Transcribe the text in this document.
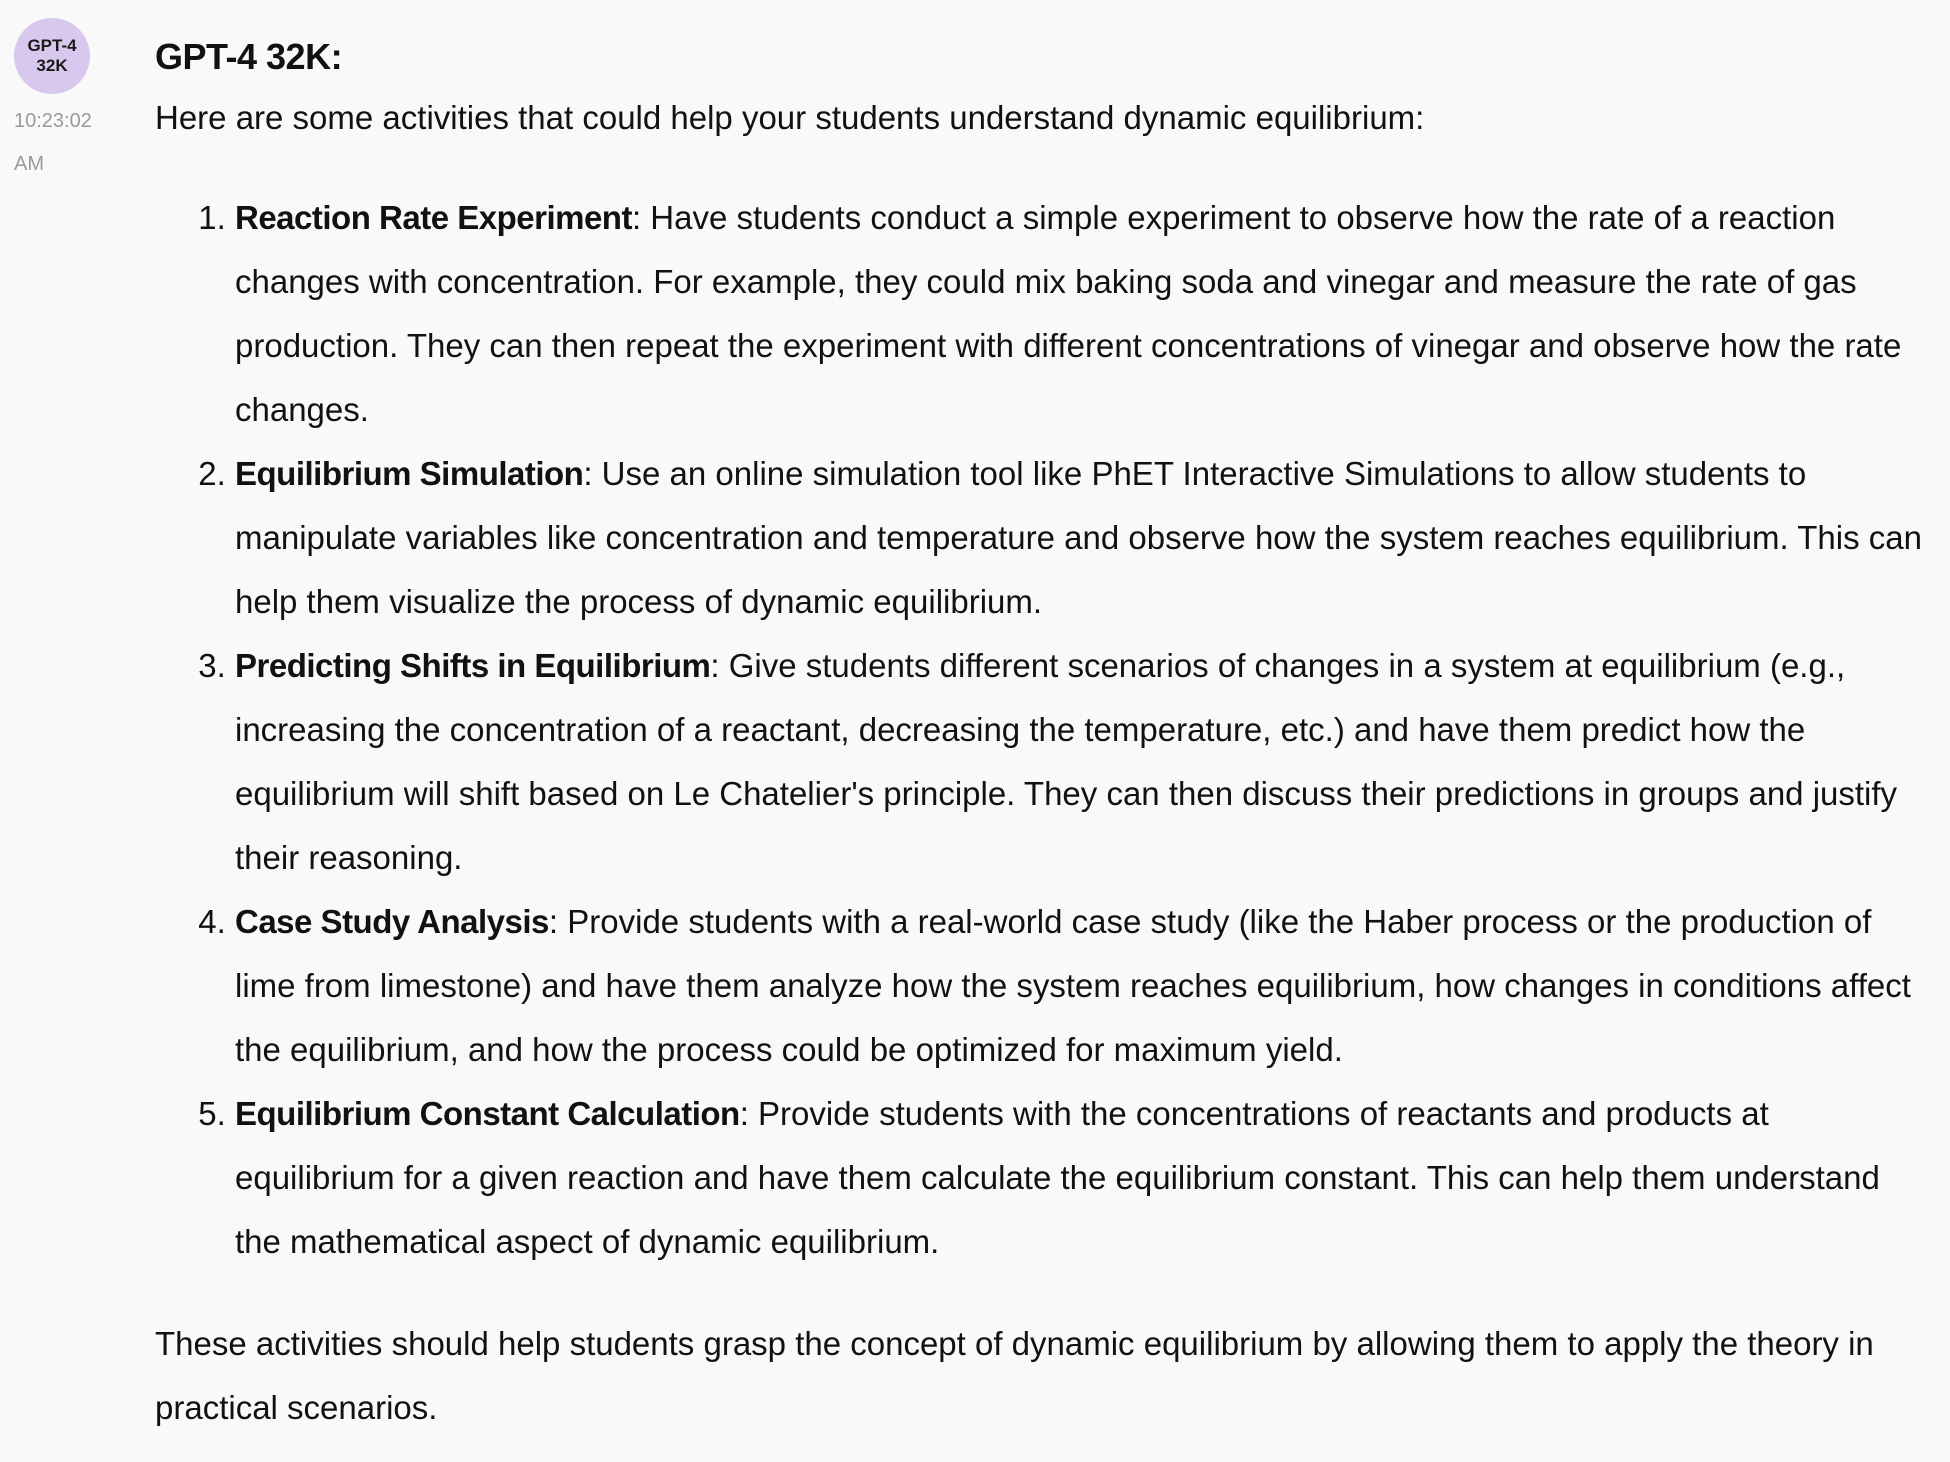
GPT-4
32K
10:23:02
AM

GPT-4 32K:

Here are some activities that could help your students understand dynamic equilibrium:

1. Reaction Rate Experiment: Have students conduct a simple experiment to observe how the rate of a reaction changes with concentration. For example, they could mix baking soda and vinegar and measure the rate of gas production. They can then repeat the experiment with different concentrations of vinegar and observe how the rate changes.
2. Equilibrium Simulation: Use an online simulation tool like PhET Interactive Simulations to allow students to manipulate variables like concentration and temperature and observe how the system reaches equilibrium. This can help them visualize the process of dynamic equilibrium.
3. Predicting Shifts in Equilibrium: Give students different scenarios of changes in a system at equilibrium (e.g., increasing the concentration of a reactant, decreasing the temperature, etc.) and have them predict how the equilibrium will shift based on Le Chatelier's principle. They can then discuss their predictions in groups and justify their reasoning.
4. Case Study Analysis: Provide students with a real-world case study (like the Haber process or the production of lime from limestone) and have them analyze how the system reaches equilibrium, how changes in conditions affect the equilibrium, and how the process could be optimized for maximum yield.
5. Equilibrium Constant Calculation: Provide students with the concentrations of reactants and products at equilibrium for a given reaction and have them calculate the equilibrium constant. This can help them understand the mathematical aspect of dynamic equilibrium.

These activities should help students grasp the concept of dynamic equilibrium by allowing them to apply the theory in practical scenarios.
